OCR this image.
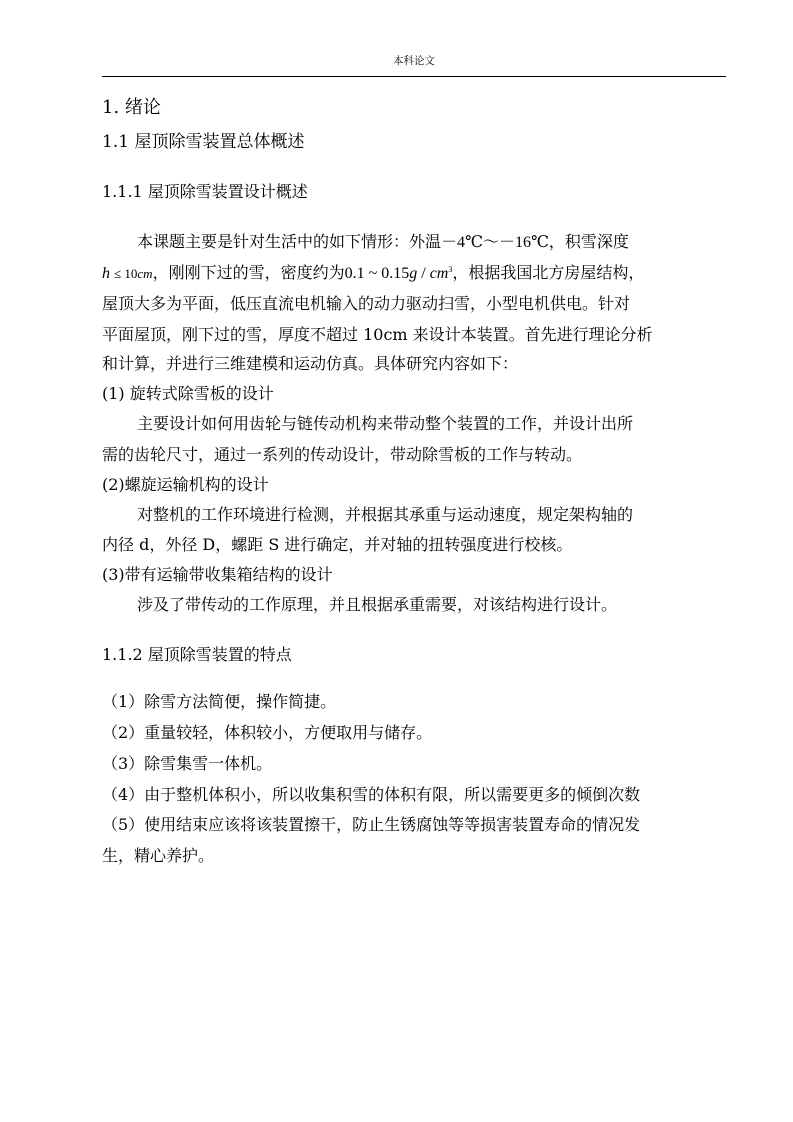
本科论文
1. 绪论
1.1 屋顶除雪装置总体概述
1.1.1 屋顶除雪装置设计概述
本课题主要是针对生活中的如下情形：外温－4℃～－16℃，积雪深度
h ≤ 10cm，刚刚下过的雪，密度约为0.1 ~ $0.15g / cm^3$，根据我国北方房屋结构，
屋顶大多为平面，低压直流电机输入的动力驱动扫雪，小型电机供电。针对
平面屋顶，刚下过的雪，厚度不超过 10cm 来设计本装置。首先进行理论分析
和计算，并进行三维建模和运动仿真。具体研究内容如下：
(1) 旋转式除雪板的设计
主要设计如何用齿轮与链传动机构来带动整个装置的工作，并设计出所
需的齿轮尺寸，通过一系列的传动设计，带动除雪板的工作与转动。
(2)螺旋运输机构的设计
对整机的工作环境进行检测，并根据其承重与运动速度，规定架构轴的
内径 d，外径 D，螺距 S 进行确定，并对轴的扭转强度进行校核。
(3)带有运输带收集箱结构的设计
涉及了带传动的工作原理，并且根据承重需要，对该结构进行设计。
1.1.2 屋顶除雪装置的特点
（1）除雪方法简便，操作简捷。
（2）重量较轻，体积较小，方便取用与储存。
（3）除雪集雪一体机。
（4）由于整机体积小，所以收集积雪的体积有限，所以需要更多的倾倒次数
（5）使用结束应该将该装置擦干，防止生锈腐蚀等等损害装置寿命的情况发
生，精心养护。
